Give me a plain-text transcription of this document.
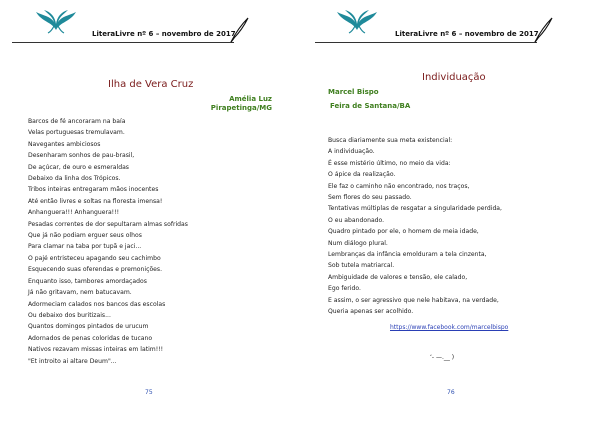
LiteraLivre nº 6 – novembro de 2017
Ilha de Vera Cruz
Amélia Luz
Pirapetinga/MG
Barcos de fé ancoraram na baía
Velas portuguesas tremulavam.
Navegantes ambiciosos
Desenharam sonhos de pau-brasil,
De açúcar, de ouro e esmeraldas
Debaixo da linha dos Trópicos.
Tribos inteiras entregaram mãos inocentes
Até então livres e soltas na floresta imensa!
Anhanguera!!! Anhanguera!!!
Pesadas correntes de dor sepultaram almas sofridas
Que já não podiam erguer seus olhos
Para clamar na taba por tupã e jaci...
O pajé entristeceu apagando seu cachimbo
Esquecendo suas oferendas e premonições.
Enquanto isso, tambores amordaçados
Já não gritavam, nem batucavam.
Adormeciam calados nos bancos das escolas
Ou debaixo dos buritizais...
Quantos domingos pintados de urucum
Adornados de penas coloridas de tucano
Nativos rezavam missas inteiras em latim!!!
"Et introito ai altare Deum"...
75
LiteraLivre nº 6 – novembro de 2017
Individuação
Marcel Bispo
Feira de Santana/BA
Busca diariamente sua meta existencial:
A individuação.
É esse mistério último, no meio da vida:
O ápice da realização.
Ele faz o caminho não encontrado, nos traços,
Sem flores do seu passado.
Tentativas múltiplas de resgatar a singularidade perdida,
O eu abandonado.
Quadro pintado por ele, o homem de meia idade,
Num diálogo plural.
Lembranças da infância emolduram a tela cinzenta,
Sob tutela matriarcal.
Ambiguidade de valores e tensão, ele calado,
Ego ferido.
E assim, o ser agressivo que nele habitava, na verdade,
Queria apenas ser acolhido.
https://www.facebook.com/marcelbispo
ʻ- —.__ )
76
